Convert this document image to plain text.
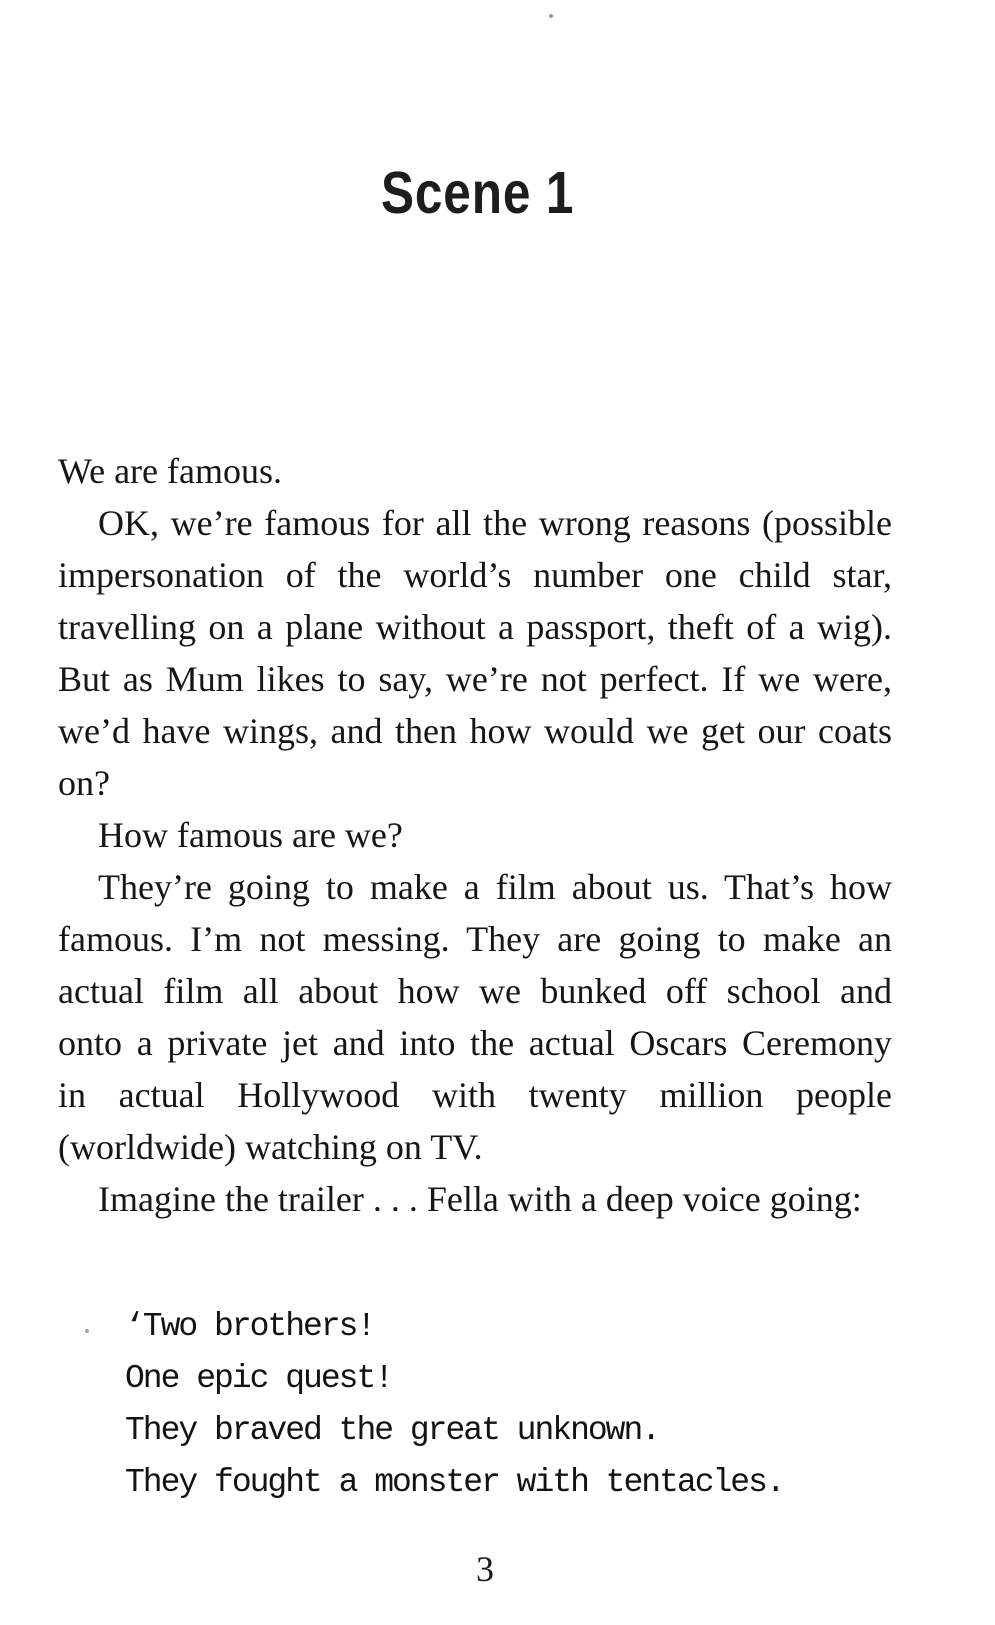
Scene 1
We are famous.
OK, we’re famous for all the wrong reasons (possible
impersonation of the world’s number one child star,
travelling on a plane without a passport, theft of a wig).
But as Mum likes to say, we’re not perfect. If we were,
we’d have wings, and then how would we get our coats
on?
How famous are we?
They’re going to make a film about us. That’s how
famous. I’m not messing. They are going to make an
actual film all about how we bunked off school and
onto a private jet and into the actual Oscars Ceremony
in actual Hollywood with twenty million people
(worldwide) watching on TV.
Imagine the trailer . . . Fella with a deep voice going:
‘Two brothers!
One epic quest!
They braved the great unknown.
They fought a monster with tentacles.
3
